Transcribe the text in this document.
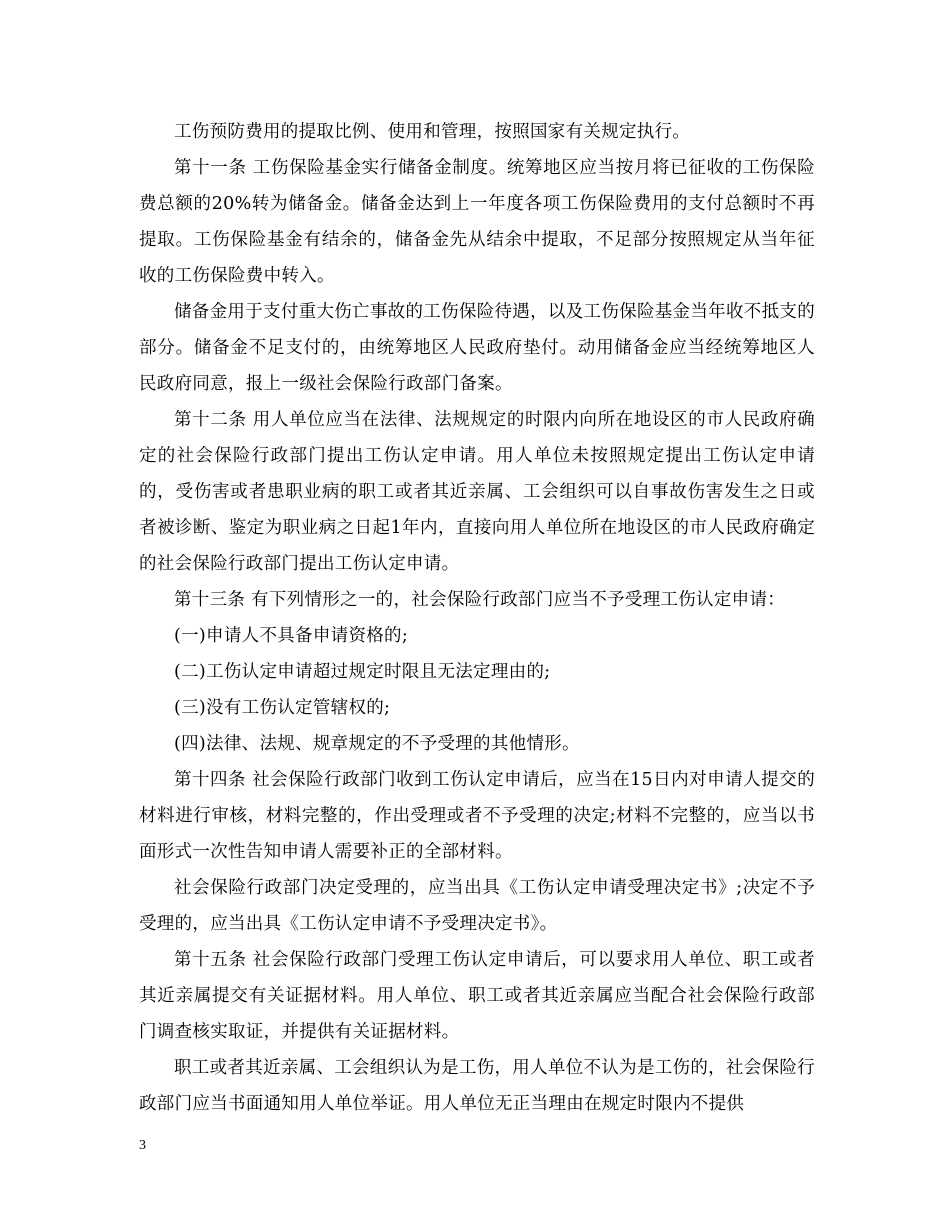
工伤预防费用的提取比例、使用和管理，按照国家有关规定执行。

第十一条 工伤保险基金实行储备金制度。统筹地区应当按月将已征收的工伤保险费总额的20%转为储备金。储备金达到上一年度各项工伤保险费用的支付总额时不再提取。工伤保险基金有结余的，储备金先从结余中提取，不足部分按照规定从当年征收的工伤保险费中转入。

储备金用于支付重大伤亡事故的工伤保险待遇，以及工伤保险基金当年收不抵支的部分。储备金不足支付的，由统筹地区人民政府垫付。动用储备金应当经统筹地区人民政府同意，报上一级社会保险行政部门备案。

第十二条 用人单位应当在法律、法规规定的时限内向所在地设区的市人民政府确定的社会保险行政部门提出工伤认定申请。用人单位未按照规定提出工伤认定申请的，受伤害或者患职业病的职工或者其近亲属、工会组织可以自事故伤害发生之日或者被诊断、鉴定为职业病之日起1年内，直接向用人单位所在地设区的市人民政府确定的社会保险行政部门提出工伤认定申请。

第十三条 有下列情形之一的，社会保险行政部门应当不予受理工伤认定申请：

(一)申请人不具备申请资格的;

(二)工伤认定申请超过规定时限且无法定理由的;

(三)没有工伤认定管辖权的;

(四)法律、法规、规章规定的不予受理的其他情形。

第十四条 社会保险行政部门收到工伤认定申请后，应当在15日内对申请人提交的材料进行审核，材料完整的，作出受理或者不予受理的决定;材料不完整的，应当以书面形式一次性告知申请人需要补正的全部材料。

社会保险行政部门决定受理的，应当出具《工伤认定申请受理决定书》;决定不予受理的，应当出具《工伤认定申请不予受理决定书》。

第十五条 社会保险行政部门受理工伤认定申请后，可以要求用人单位、职工或者其近亲属提交有关证据材料。用人单位、职工或者其近亲属应当配合社会保险行政部门调查核实取证，并提供有关证据材料。

职工或者其近亲属、工会组织认为是工伤，用人单位不认为是工伤的，社会保险行政部门应当书面通知用人单位举证。用人单位无正当理由在规定时限内不提供

3
